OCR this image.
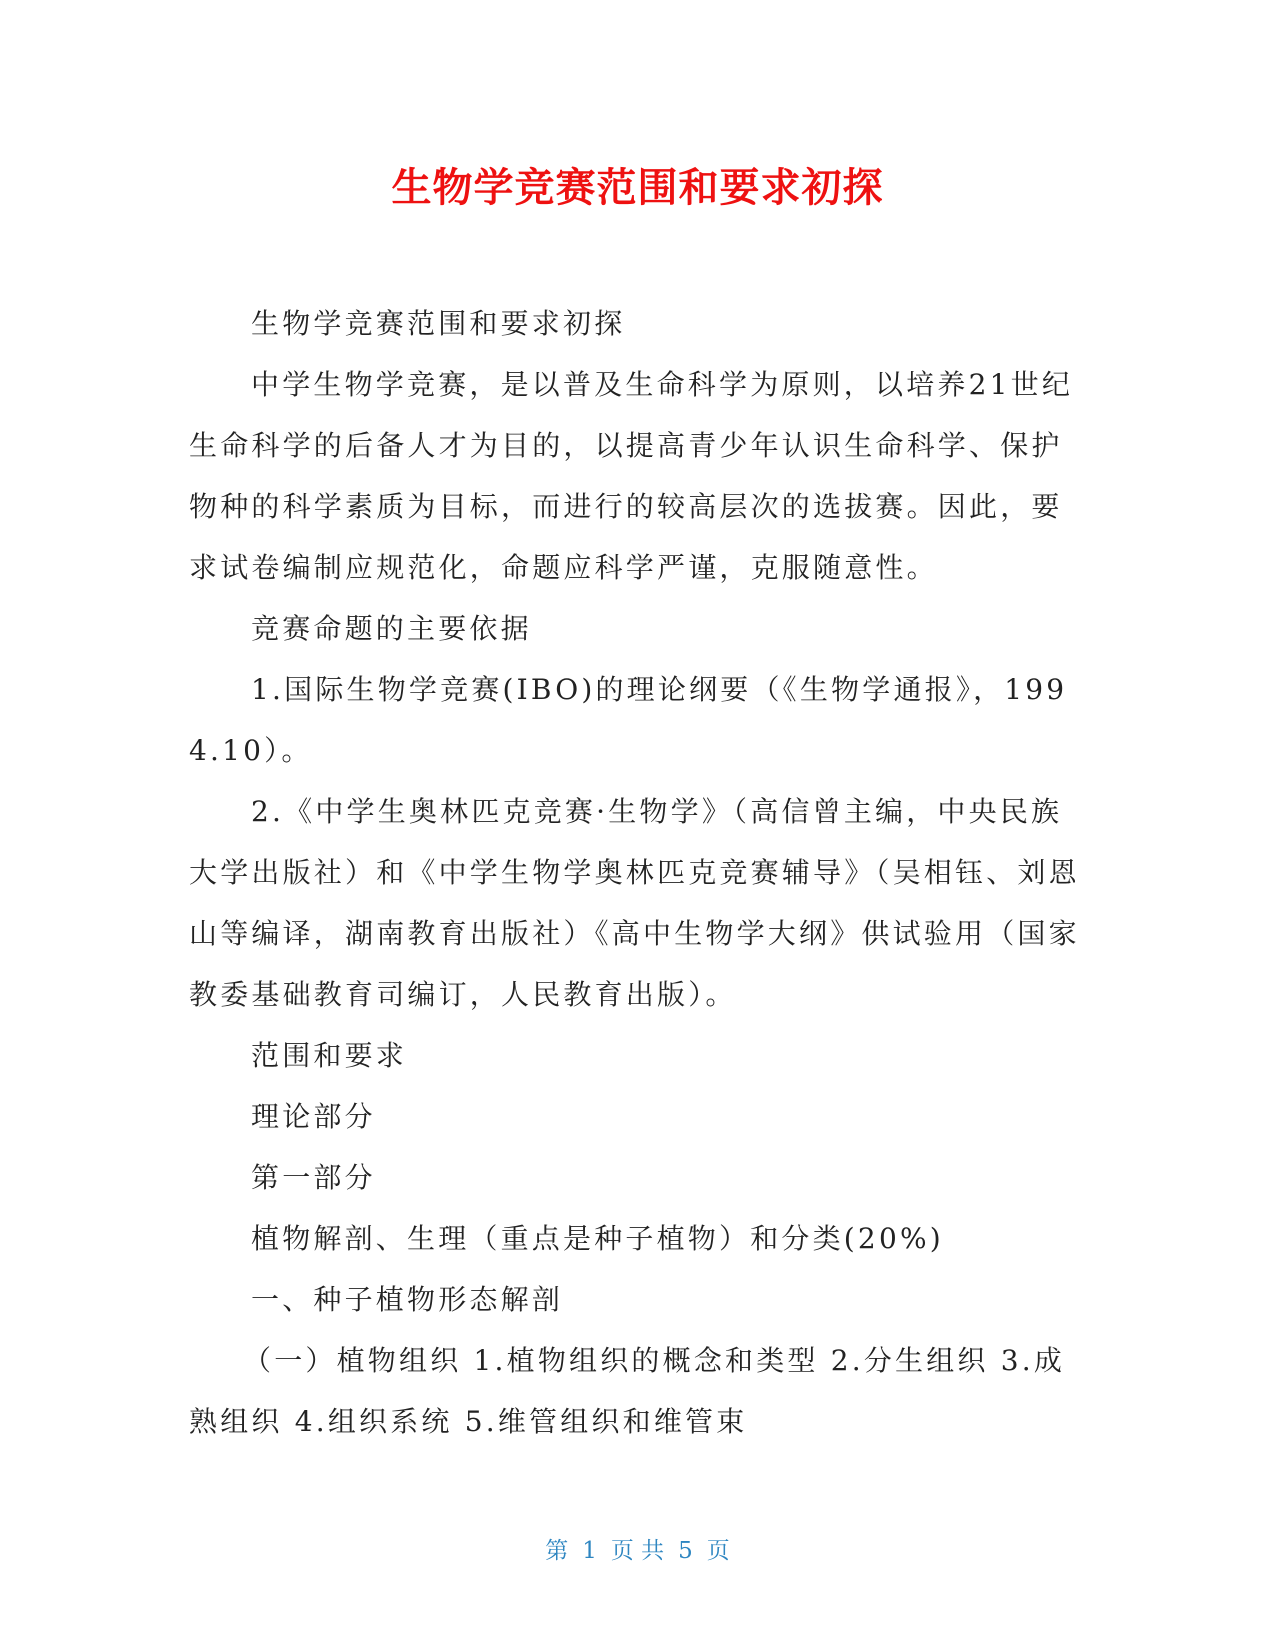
生物学竞赛范围和要求初探

生物学竞赛范围和要求初探

中学生物学竞赛，是以普及生命科学为原则，以培养21世纪生命科学的后备人才为目的，以提高青少年认识生命科学、保护物种的科学素质为目标，而进行的较高层次的选拔赛。因此，要求试卷编制应规范化，命题应科学严谨，克服随意性。

竞赛命题的主要依据

1.国际生物学竞赛(IBO)的理论纲要（《生物学通报》，1994.10）。

2.《中学生奥林匹克竞赛·生物学》（高信曾主编，中央民族大学出版社）和《中学生物学奥林匹克竞赛辅导》（吴相钰、刘恩山等编译，湖南教育出版社）《高中生物学大纲》供试验用（国家教委基础教育司编订，人民教育出版）。

范围和要求

理论部分

第一部分

植物解剖、生理（重点是种子植物）和分类(20%)

一、种子植物形态解剖

（一）植物组织 1.植物组织的概念和类型 2.分生组织 3.成熟组织 4.组织系统 5.维管组织和维管束

第 1 页 共 5 页
